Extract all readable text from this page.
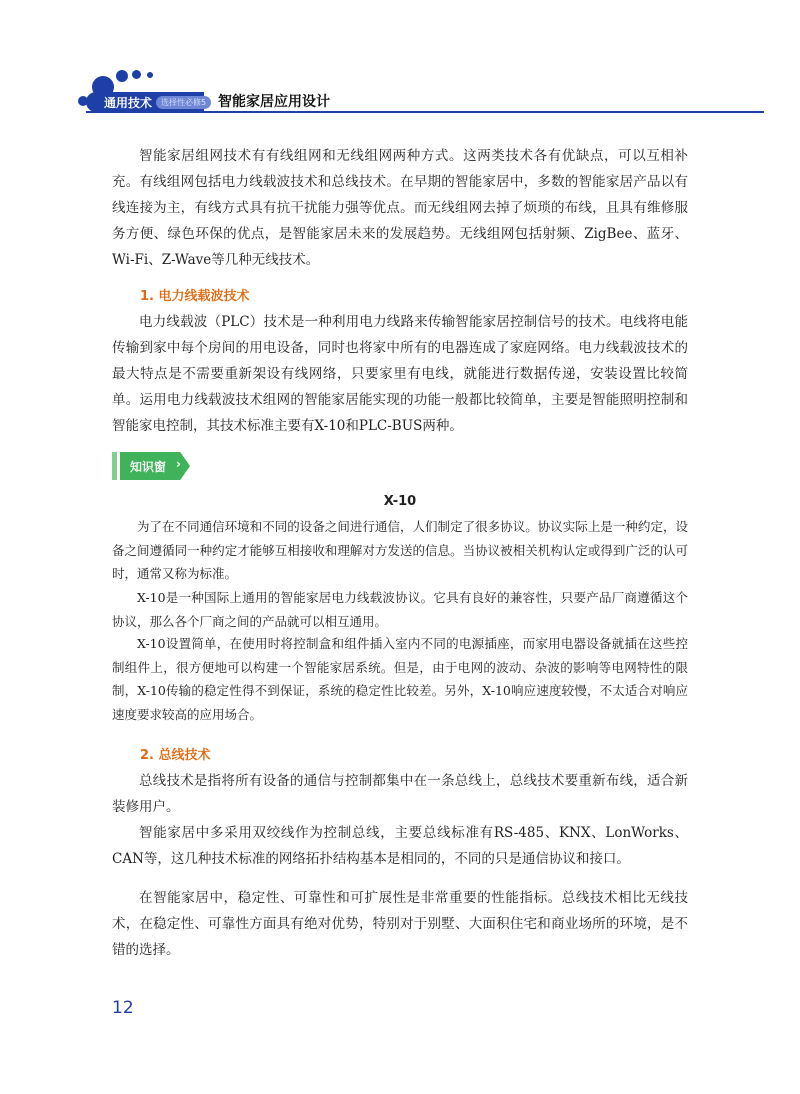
通用技术	选择性必修5 智能家居应用设计

智能家居组网技术有有线组网和无线组网两种方式。这两类技术各有优缺点，可以互相补充。有线组网包括电力线载波技术和总线技术。在早期的智能家居中，多数的智能家居产品以有线连接为主，有线方式具有抗干扰能力强等优点。而无线组网去掉了烦琐的布线，且具有维修服务方便、绿色环保的优点，是智能家居未来的发展趋势。无线组网包括射频、ZigBee、蓝牙、Wi-Fi、Z-Wave等几种无线技术。

1. 电力线载波技术

电力线载波（PLC）技术是一种利用电力线路来传输智能家居控制信号的技术。电线将电能传输到家中每个房间的用电设备，同时也将家中所有的电器连成了家庭网络。电力线载波技术的最大特点是不需要重新架设有线网络，只要家里有电线，就能进行数据传递，安装设置比较简单。运用电力线载波技术组网的智能家居能实现的功能一般都比较简单，主要是智能照明控制和智能家电控制，其技术标准主要有X-10和PLC-BUS两种。

知识窗 ›

X-10

为了在不同通信环境和不同的设备之间进行通信，人们制定了很多协议。协议实际上是一种约定，设备之间遵循同一种约定才能够互相接收和理解对方发送的信息。当协议被相关机构认定或得到广泛的认可时，通常又称为标准。

X-10是一种国际上通用的智能家居电力线载波协议。它具有良好的兼容性，只要产品厂商遵循这个协议，那么各个厂商之间的产品就可以相互通用。

X-10设置简单，在使用时将控制盒和组件插入室内不同的电源插座，而家用电器设备就插在这些控制组件上，很方便地可以构建一个智能家居系统。但是，由于电网的波动、杂波的影响等电网特性的限制，X-10传输的稳定性得不到保证，系统的稳定性比较差。另外，X-10响应速度较慢，不太适合对响应速度要求较高的应用场合。

2. 总线技术

总线技术是指将所有设备的通信与控制都集中在一条总线上，总线技术要重新布线，适合新装修用户。

智能家居中多采用双绞线作为控制总线，主要总线标准有RS-485、KNX、LonWorks、CAN等，这几种技术标准的网络拓扑结构基本是相同的，不同的只是通信协议和接口。

在智能家居中，稳定性、可靠性和可扩展性是非常重要的性能指标。总线技术相比无线技术，在稳定性、可靠性方面具有绝对优势，特别对于别墅、大面积住宅和商业场所的环境，是不错的选择。

12
